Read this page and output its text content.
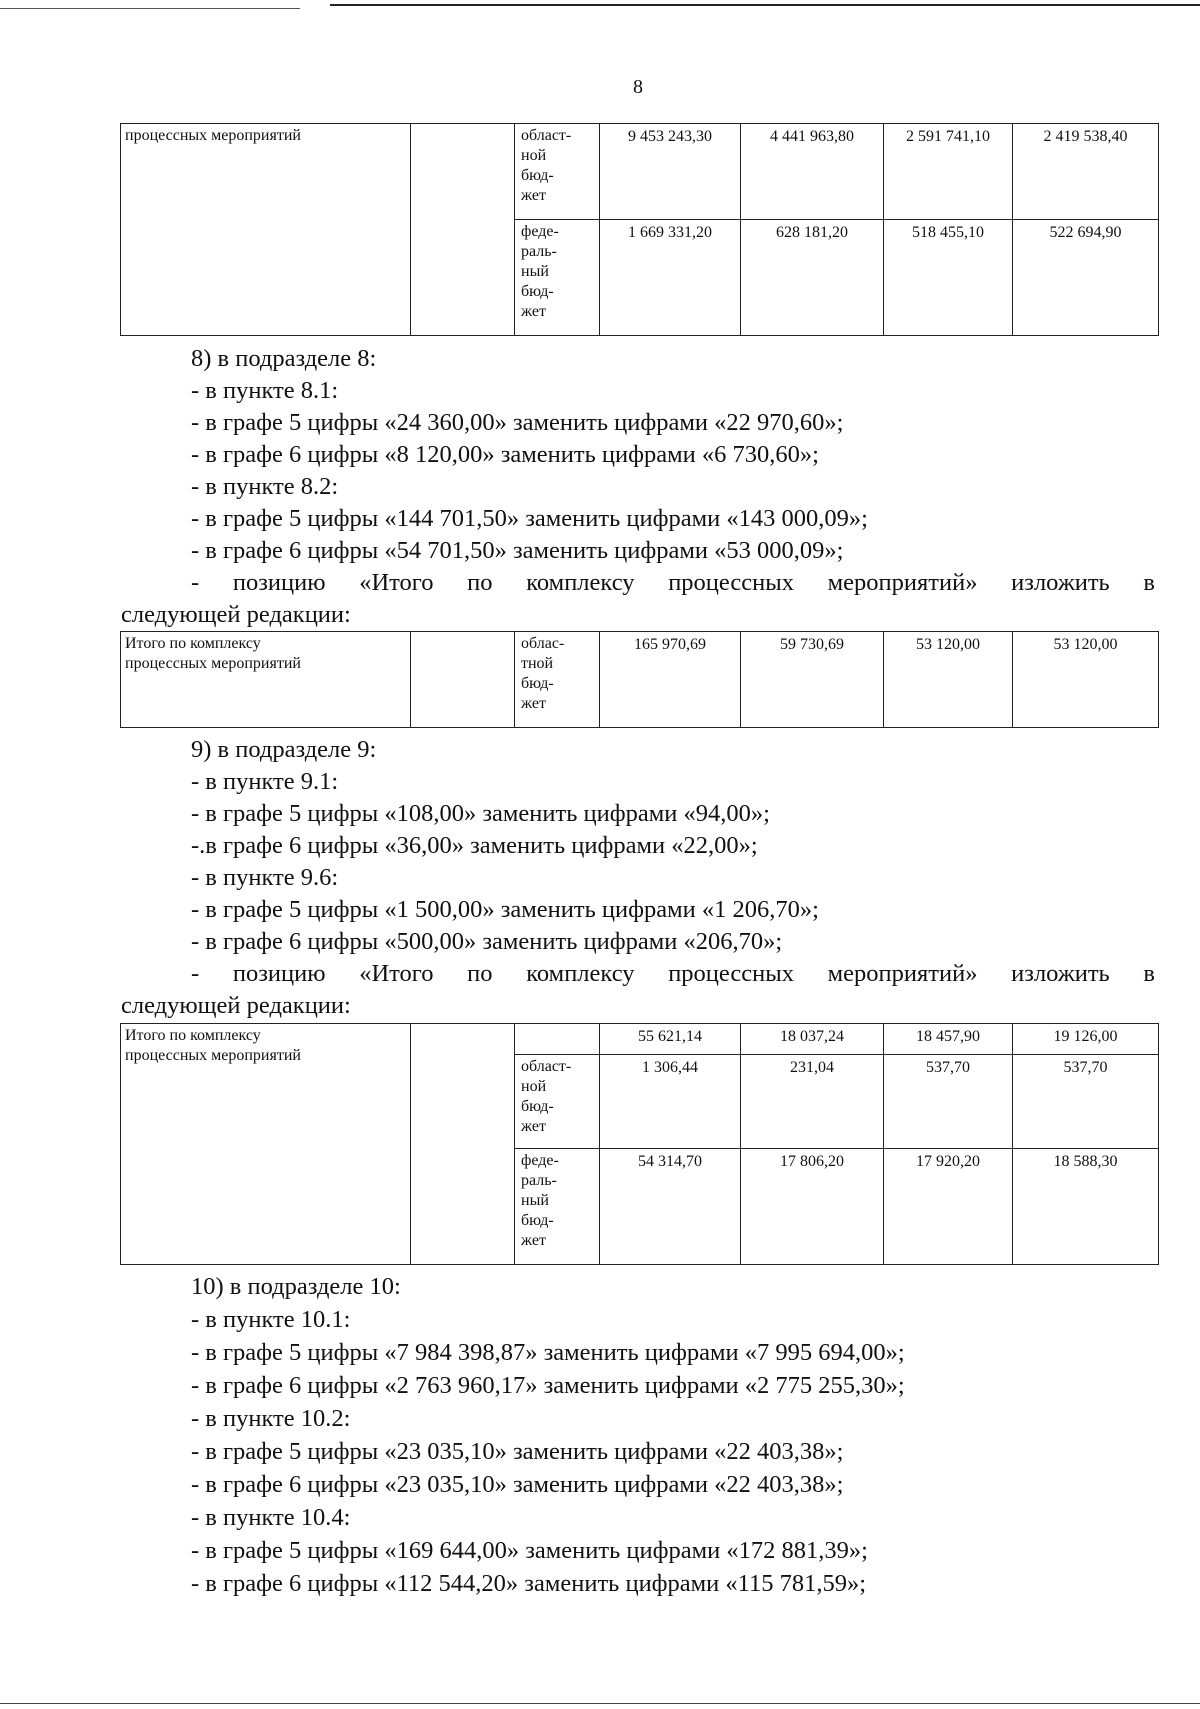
8
процессных мероприятий		област-
ной
бюд-
жет	9 453 243,30	4 441 963,80	2 591 741,10	2 419 538,40
		феде-
раль-
ный
бюд-
жет	1 669 331,20	628 181,20	518 455,10	522 694,90
8) в подразделе 8:
- в пункте 8.1:
- в графе 5 цифры «24 360,00» заменить цифрами «22 970,60»;
- в графе 6 цифры «8 120,00» заменить цифрами «6 730,60»;
- в пункте 8.2:
- в графе 5 цифры «144 701,50» заменить цифрами «143 000,09»;
- в графе 6 цифры «54 701,50» заменить цифрами «53 000,09»;
- позицию «Итого по комплексу процессных мероприятий» изложить в
следующей редакции:
Итого по комплексу
процессных мероприятий		облас-
тной
бюд-
жет	165 970,69	59 730,69	53 120,00	53 120,00
9) в подразделе 9:
- в пункте 9.1:
- в графе 5 цифры «108,00» заменить цифрами «94,00»;
-.в графе 6 цифры «36,00» заменить цифрами «22,00»;
- в пункте 9.6:
- в графе 5 цифры «1 500,00» заменить цифрами «1 206,70»;
- в графе 6 цифры «500,00» заменить цифрами «206,70»;
- позицию «Итого по комплексу процессных мероприятий» изложить в
следующей редакции:
Итого по комплексу
процессных мероприятий			55 621,14	18 037,24	18 457,90	19 126,00
		област-
ной
бюд-
жет	1 306,44	231,04	537,70	537,70
		феде-
раль-
ный
бюд-
жет	54 314,70	17 806,20	17 920,20	18 588,30
10) в подразделе 10:
- в пункте 10.1:
- в графе 5 цифры «7 984 398,87» заменить цифрами «7 995 694,00»;
- в графе 6 цифры «2 763 960,17» заменить цифрами «2 775 255,30»;
- в пункте 10.2:
- в графе 5 цифры «23 035,10» заменить цифрами «22 403,38»;
- в графе 6 цифры «23 035,10» заменить цифрами «22 403,38»;
- в пункте 10.4:
- в графе 5 цифры «169 644,00» заменить цифрами «172 881,39»;
- в графе 6 цифры «112 544,20» заменить цифрами «115 781,59»;
